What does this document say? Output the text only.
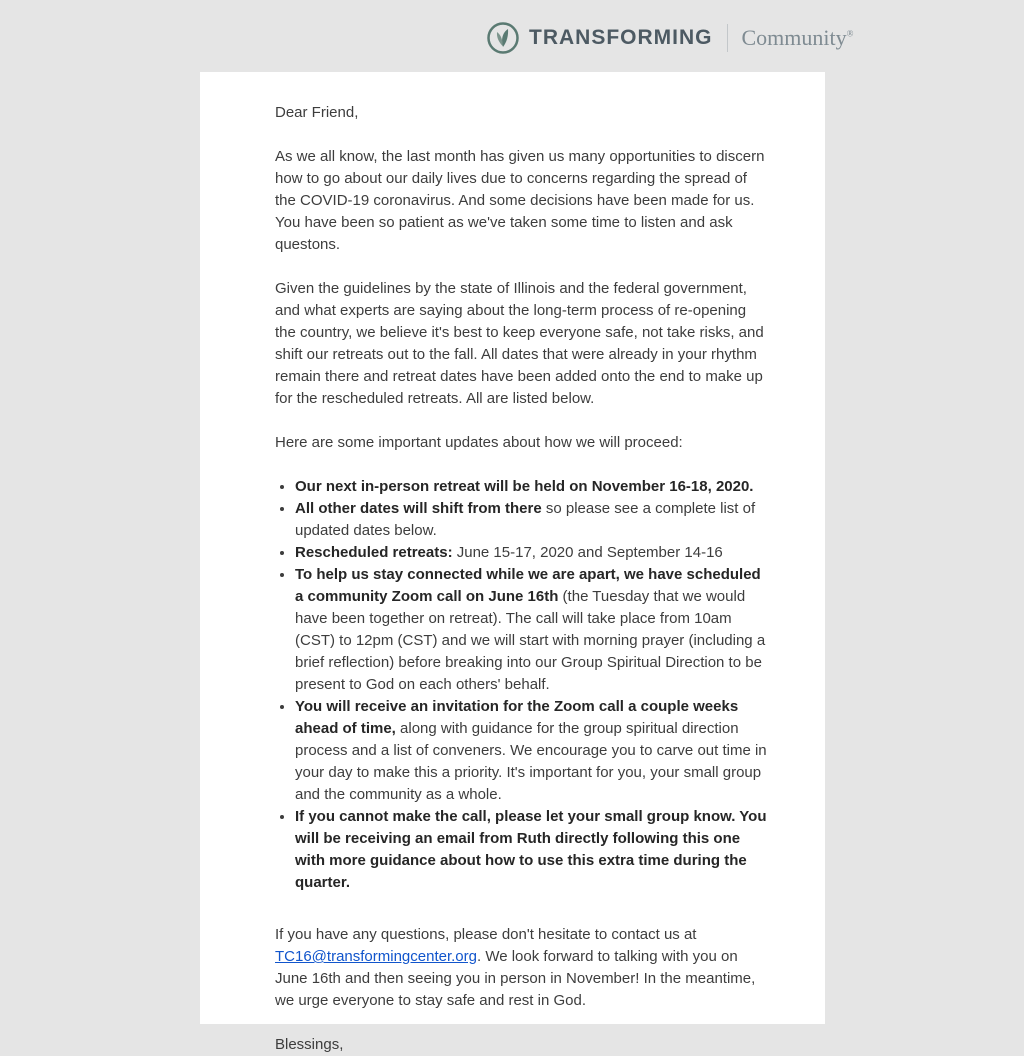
TRANSFORMING Community®

Dear Friend,

As we all know, the last month has given us many opportunities to discern how to go about our daily lives due to concerns regarding the spread of the COVID-19 coronavirus. And some decisions have been made for us. You have been so patient as we've taken some time to listen and ask questons.

Given the guidelines by the state of Illinois and the federal government, and what experts are saying about the long-term process of re-opening the country, we believe it's best to keep everyone safe, not take risks, and shift our retreats out to the fall. All dates that were already in your rhythm remain there and retreat dates have been added onto the end to make up for the rescheduled retreats. All are listed below.

Here are some important updates about how we will proceed:

• Our next in-person retreat will be held on November 16-18, 2020.
• All other dates will shift from there so please see a complete list of updated dates below.
• Rescheduled retreats: June 15-17, 2020 and September 14-16
• To help us stay connected while we are apart, we have scheduled a community Zoom call on June 16th (the Tuesday that we would have been together on retreat). The call will take place from 10am (CST) to 12pm (CST) and we will start with morning prayer (including a brief reflection) before breaking into our Group Spiritual Direction to be present to God on each others' behalf.
• You will receive an invitation for the Zoom call a couple weeks ahead of time, along with guidance for the group spiritual direction process and a list of conveners. We encourage you to carve out time in your day to make this a priority. It's important for you, your small group and the community as a whole.
• If you cannot make the call, please let your small group know. You will be receiving an email from Ruth directly following this one with more guidance about how to use this extra time during the quarter.

If you have any questions, please don't hesitate to contact us at TC16@transformingcenter.org. We look forward to talking with you on June 16th and then seeing you in person in November! In the meantime, we urge everyone to stay safe and rest in God.

Blessings,
